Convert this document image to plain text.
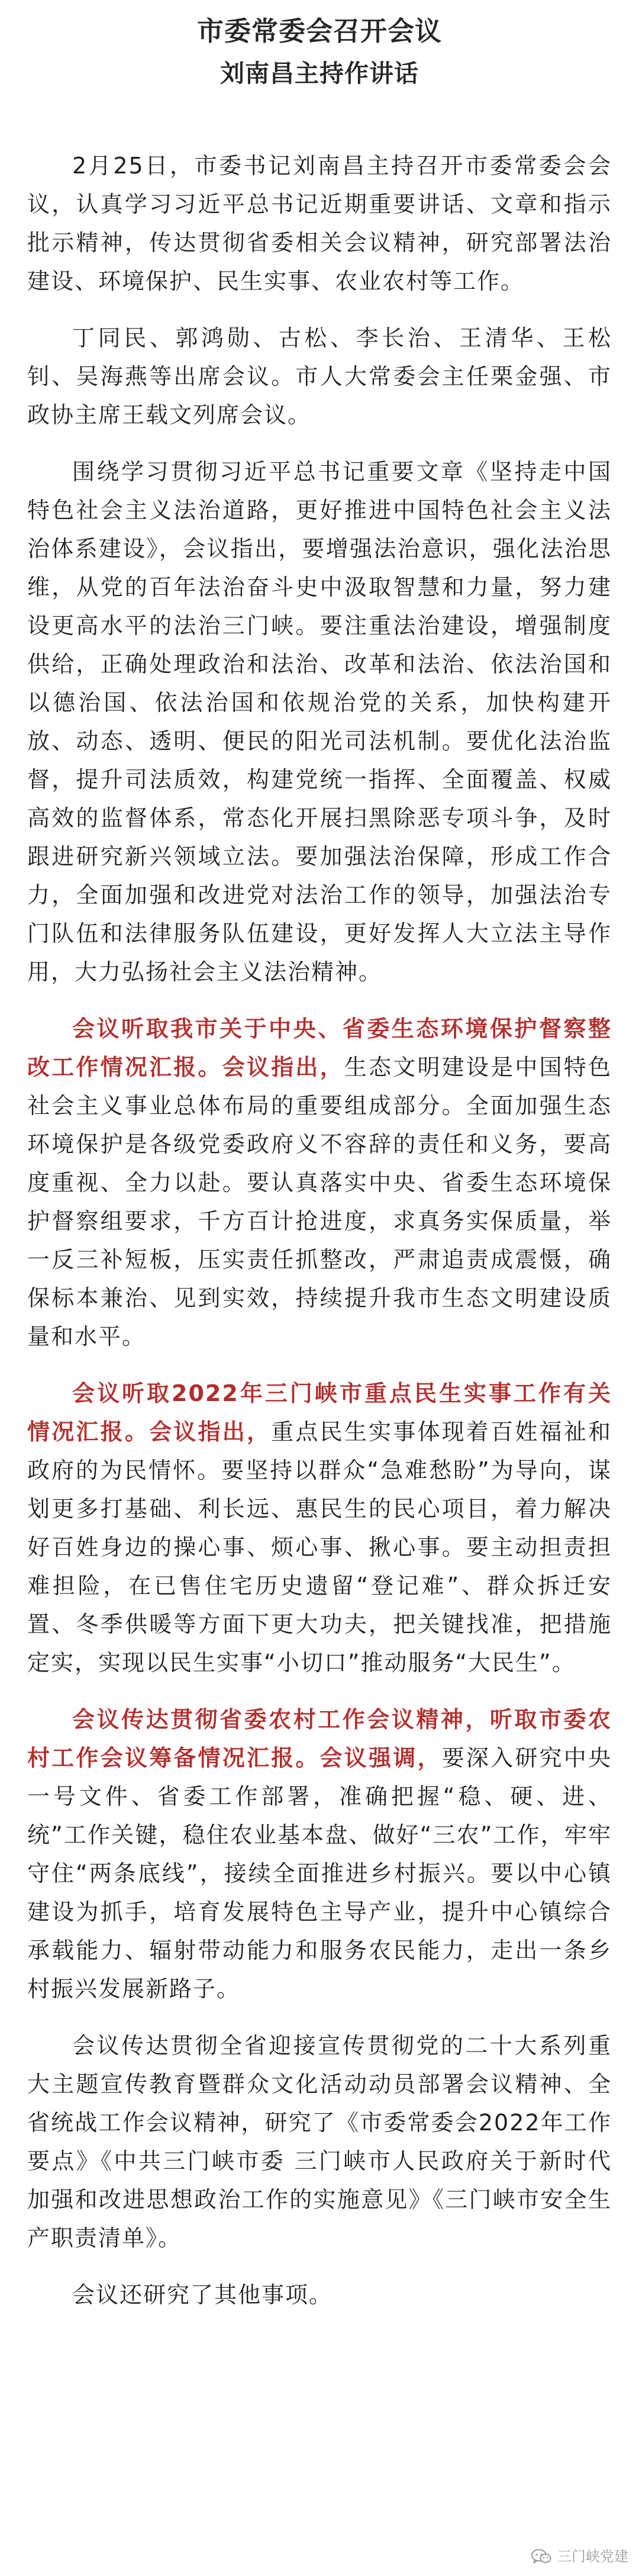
市委常委会召开会议
刘南昌主持作讲话

2月25日，市委书记刘南昌主持召开市委常委会会议，认真学习习近平总书记近期重要讲话、文章和指示批示精神，传达贯彻省委相关会议精神，研究部署法治建设、环境保护、民生实事、农业农村等工作。

丁同民、郭鸿勋、古松、李长治、王清华、王松钊、吴海燕等出席会议。市人大常委会主任栗金强、市政协主席王载文列席会议。

围绕学习贯彻习近平总书记重要文章《坚持走中国特色社会主义法治道路，更好推进中国特色社会主义法治体系建设》，会议指出，要增强法治意识，强化法治思维，从党的百年法治奋斗史中汲取智慧和力量，努力建设更高水平的法治三门峡。要注重法治建设，增强制度供给，正确处理政治和法治、改革和法治、依法治国和以德治国、依法治国和依规治党的关系，加快构建开放、动态、透明、便民的阳光司法机制。要优化法治监督，提升司法质效，构建党统一指挥、全面覆盖、权威高效的监督体系，常态化开展扫黑除恶专项斗争，及时跟进研究新兴领域立法。要加强法治保障，形成工作合力，全面加强和改进党对法治工作的领导，加强法治专门队伍和法律服务队伍建设，更好发挥人大立法主导作用，大力弘扬社会主义法治精神。

会议听取我市关于中央、省委生态环境保护督察整改工作情况汇报。会议指出，生态文明建设是中国特色社会主义事业总体布局的重要组成部分。全面加强生态环境保护是各级党委政府义不容辞的责任和义务，要高度重视、全力以赴。要认真落实中央、省委生态环境保护督察组要求，千方百计抢进度，求真务实保质量，举一反三补短板，压实责任抓整改，严肃追责成震慑，确保标本兼治、见到实效，持续提升我市生态文明建设质量和水平。

会议听取2022年三门峡市重点民生实事工作有关情况汇报。会议指出，重点民生实事体现着百姓福祉和政府的为民情怀。要坚持以群众“急难愁盼”为导向，谋划更多打基础、利长远、惠民生的民心项目，着力解决好百姓身边的操心事、烦心事、揪心事。要主动担责担难担险，在已售住宅历史遗留“登记难”、群众拆迁安置、冬季供暖等方面下更大功夫，把关键找准，把措施定实，实现以民生实事“小切口”推动服务“大民生”。

会议传达贯彻省委农村工作会议精神，听取市委农村工作会议筹备情况汇报。会议强调，要深入研究中央一号文件、省委工作部署，准确把握“稳、硬、进、统”工作关键，稳住农业基本盘、做好“三农”工作，牢牢守住“两条底线”，接续全面推进乡村振兴。要以中心镇建设为抓手，培育发展特色主导产业，提升中心镇综合承载能力、辐射带动能力和服务农民能力，走出一条乡村振兴发展新路子。

会议传达贯彻全省迎接宣传贯彻党的二十大系列重大主题宣传教育暨群众文化活动动员部署会议精神、全省统战工作会议精神，研究了《市委常委会2022年工作要点》《中共三门峡市委 三门峡市人民政府关于新时代加强和改进思想政治工作的实施意见》《三门峡市安全生产职责清单》。

会议还研究了其他事项。

三门峡党建
